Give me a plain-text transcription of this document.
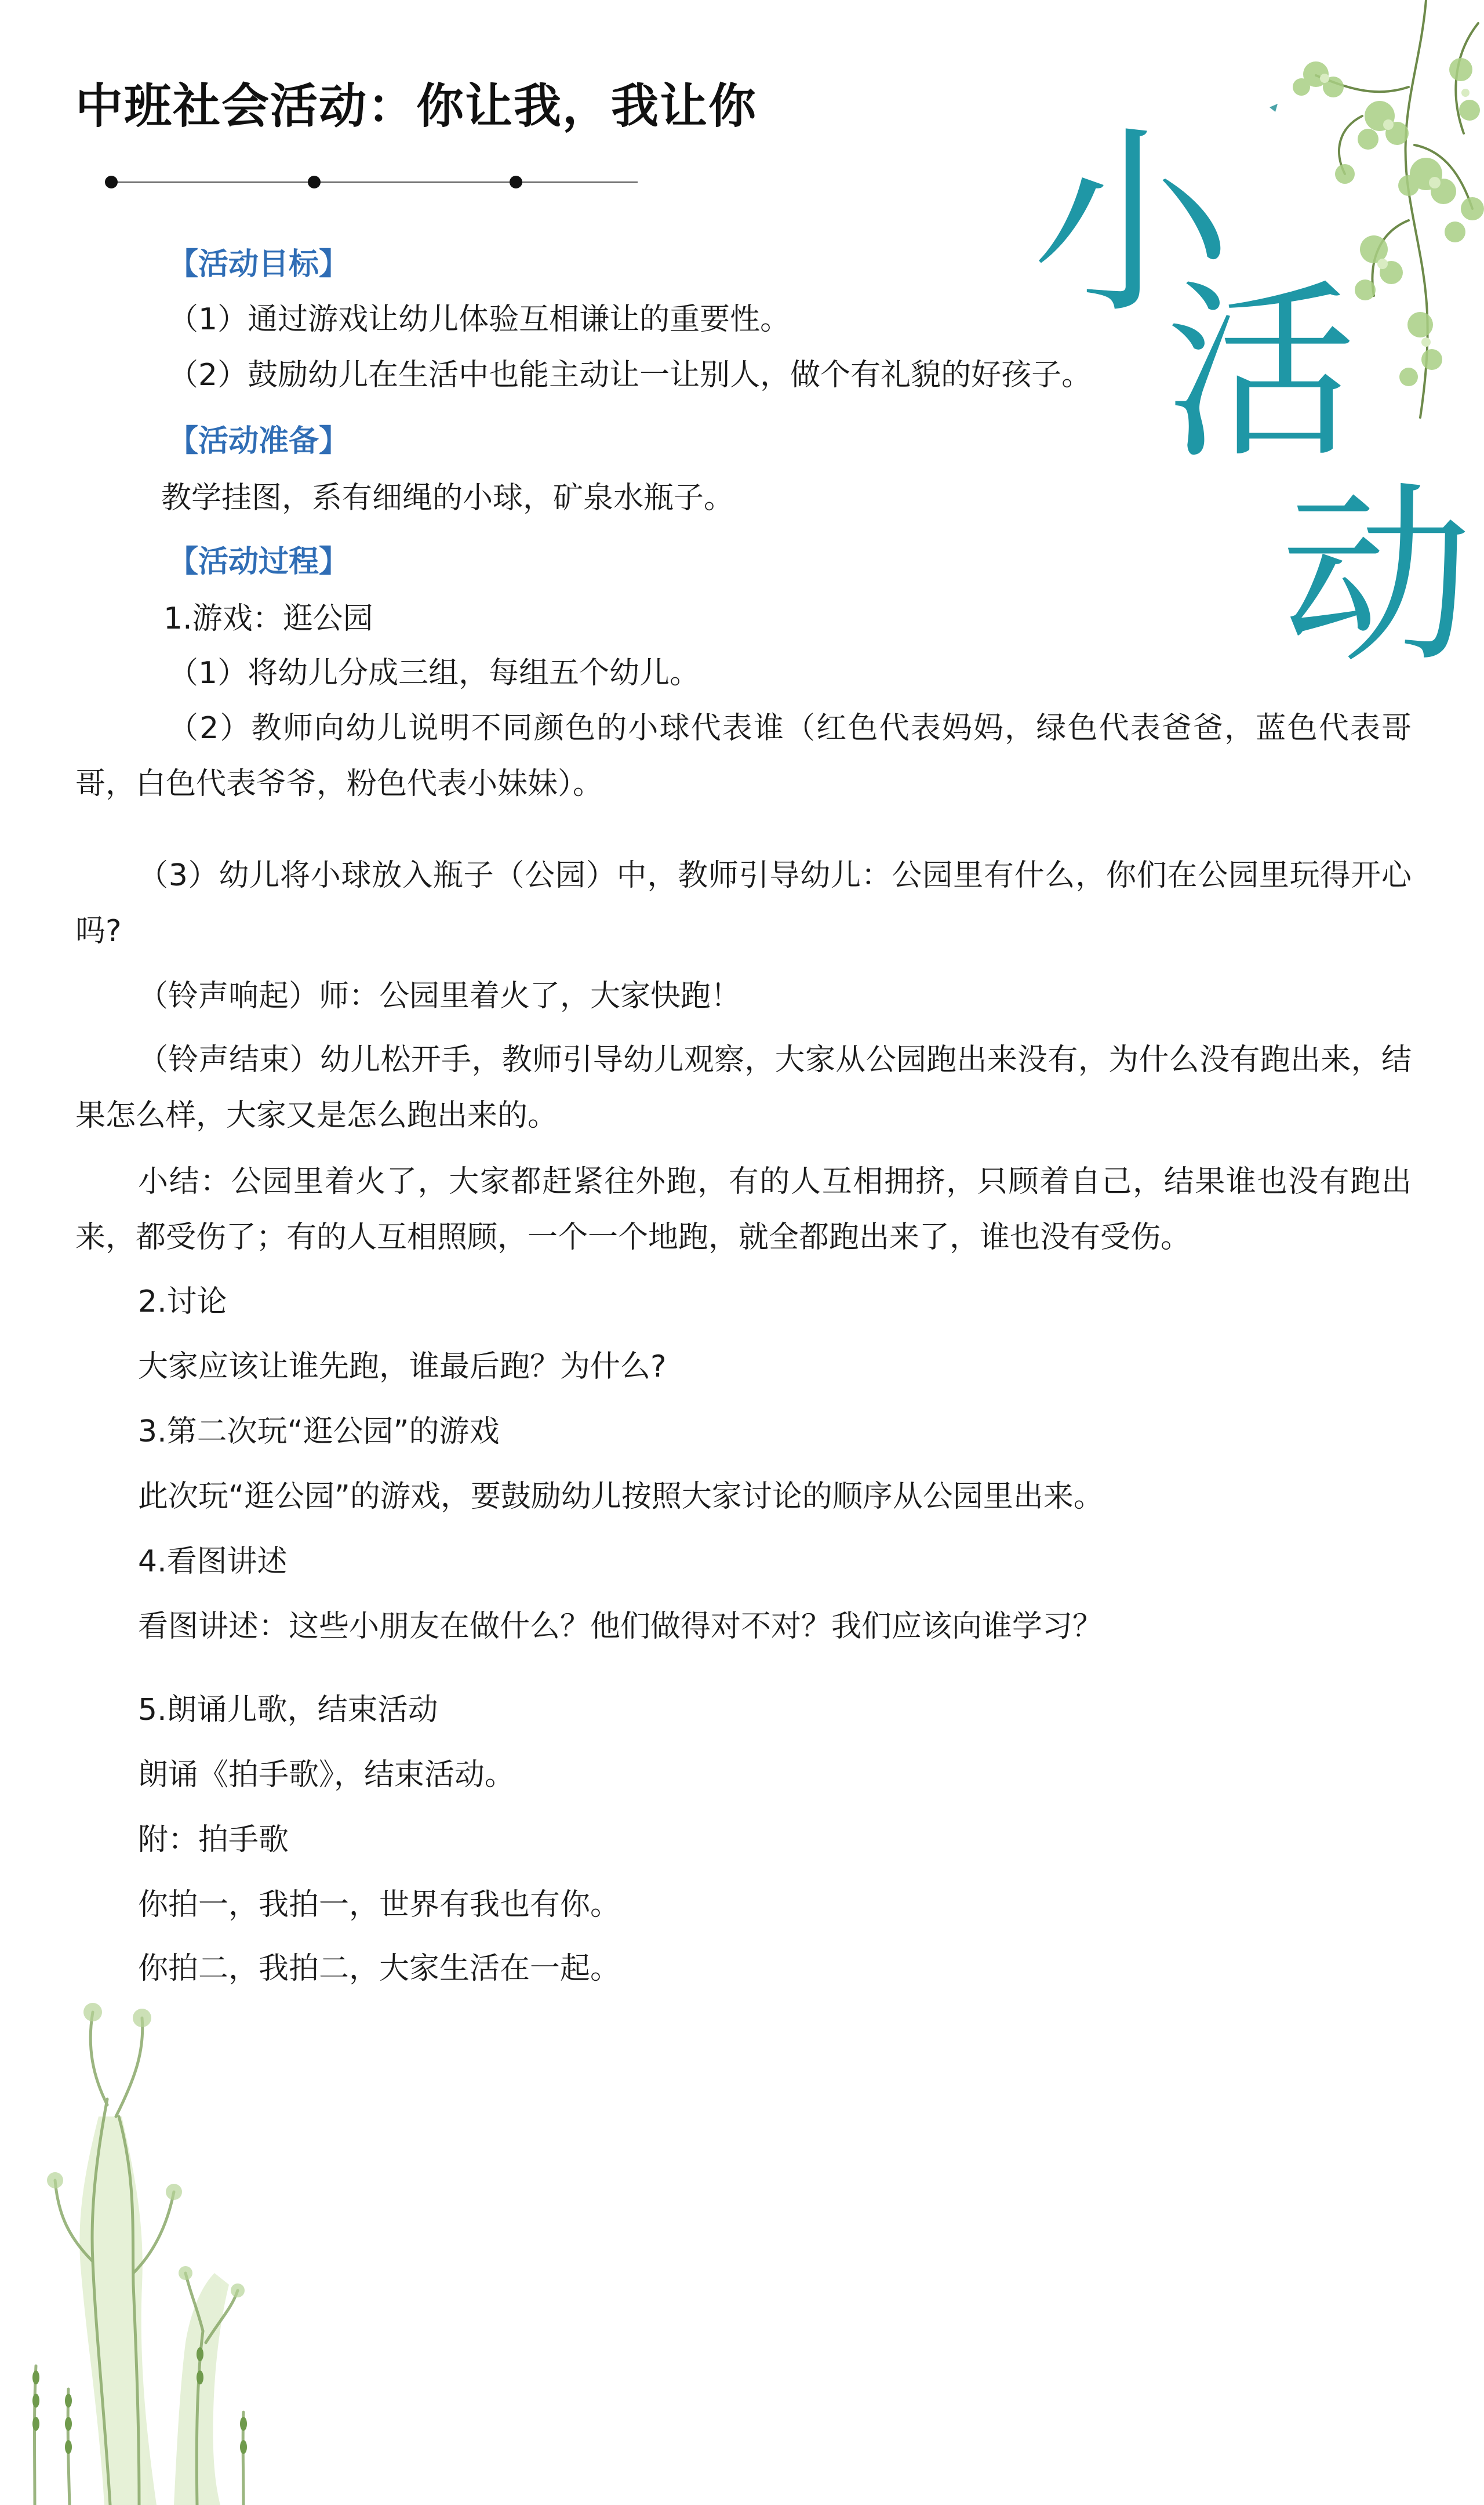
中班社会活动：你让我，我让你
小
活
动
【活动目标】
（1）通过游戏让幼儿体验互相谦让的重要性。
（2）鼓励幼儿在生活中也能主动让一让别人，做个有礼貌的好孩子。
【活动准备】
教学挂图，系有细绳的小球，矿泉水瓶子。
【活动过程】
1.游戏：逛公园
（1）将幼儿分成三组，每组五个幼儿。
（2）教师向幼儿说明不同颜色的小球代表谁（红色代表妈妈，绿色代表爸爸，蓝色代表哥哥，白色代表爷爷，粉色代表小妹妹）。
（3）幼儿将小球放入瓶子（公园）中，教师引导幼儿：公园里有什么，你们在公园里玩得开心吗?
（铃声响起）师：公园里着火了，大家快跑！
（铃声结束）幼儿松开手，教师引导幼儿观察，大家从公园跑出来没有，为什么没有跑出来，结果怎么样，大家又是怎么跑出来的。
小结：公园里着火了，大家都赶紧往外跑，有的人互相拥挤，只顾着自己，结果谁也没有跑出来，都受伤了；有的人互相照顾，一个一个地跑，就全都跑出来了，谁也没有受伤。
2.讨论
大家应该让谁先跑，谁最后跑？为什么?
3.第二次玩“逛公园”的游戏
此次玩“逛公园”的游戏，要鼓励幼儿按照大家讨论的顺序从公园里出来。
4.看图讲述
看图讲述：这些小朋友在做什么？他们做得对不对？我们应该向谁学习？
5.朗诵儿歌，结束活动
朗诵《拍手歌》，结束活动。
附：拍手歌
你拍一，我拍一，世界有我也有你。
你拍二，我拍二，大家生活在一起。
